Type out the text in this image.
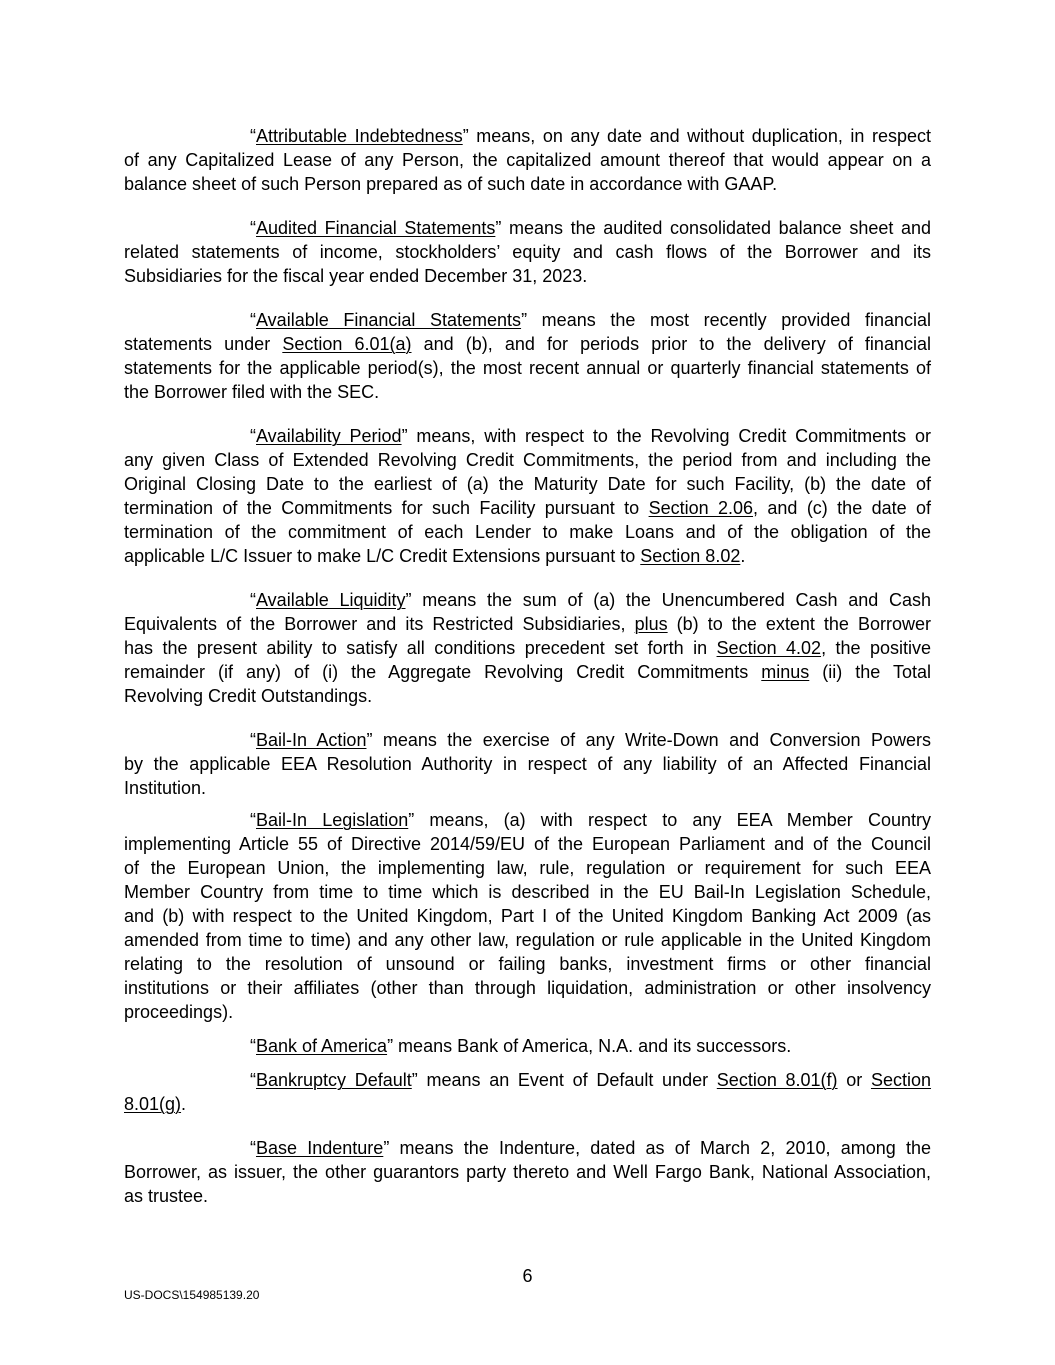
“Attributable Indebtedness” means, on any date and without duplication, in respect
of any Capitalized Lease of any Person, the capitalized amount thereof that would appear on a
balance sheet of such Person prepared as of such date in accordance with GAAP.
“Audited Financial Statements” means the audited consolidated balance sheet and
related statements of income, stockholders’ equity and cash flows of the Borrower and its
Subsidiaries for the fiscal year ended December 31, 2023.
“Available Financial Statements” means the most recently provided financial
statements under Section 6.01(a) and (b), and for periods prior to the delivery of financial
statements for the applicable period(s), the most recent annual or quarterly financial statements of
the Borrower filed with the SEC.
“Availability Period” means, with respect to the Revolving Credit Commitments or
any given Class of Extended Revolving Credit Commitments, the period from and including the
Original Closing Date to the earliest of (a) the Maturity Date for such Facility, (b) the date of
termination of the Commitments for such Facility pursuant to Section 2.06, and (c) the date of
termination of the commitment of each Lender to make Loans and of the obligation of the
applicable L/C Issuer to make L/C Credit Extensions pursuant to Section 8.02.
“Available Liquidity” means the sum of (a) the Unencumbered Cash and Cash
Equivalents of the Borrower and its Restricted Subsidiaries, plus (b) to the extent the Borrower
has the present ability to satisfy all conditions precedent set forth in Section 4.02, the positive
remainder (if any) of (i) the Aggregate Revolving Credit Commitments minus (ii) the Total
Revolving Credit Outstandings.
“Bail-In Action” means the exercise of any Write-Down and Conversion Powers
by the applicable EEA Resolution Authority in respect of any liability of an Affected Financial
Institution.
“Bail-In Legislation” means, (a) with respect to any EEA Member Country
implementing Article 55 of Directive 2014/59/EU of the European Parliament and of the Council
of the European Union, the implementing law, rule, regulation or requirement for such EEA
Member Country from time to time which is described in the EU Bail-In Legislation Schedule,
and (b) with respect to the United Kingdom, Part I of the United Kingdom Banking Act 2009 (as
amended from time to time) and any other law, regulation or rule applicable in the United Kingdom
relating to the resolution of unsound or failing banks, investment firms or other financial
institutions or their affiliates (other than through liquidation, administration or other insolvency
proceedings).
“Bank of America” means Bank of America, N.A. and its successors.
“Bankruptcy Default” means an Event of Default under Section 8.01(f) or Section
8.01(g).
“Base Indenture” means the Indenture, dated as of March 2, 2010, among the
Borrower, as issuer, the other guarantors party thereto and Well Fargo Bank, National Association,
as trustee.
6
US-DOCS\154985139.20
